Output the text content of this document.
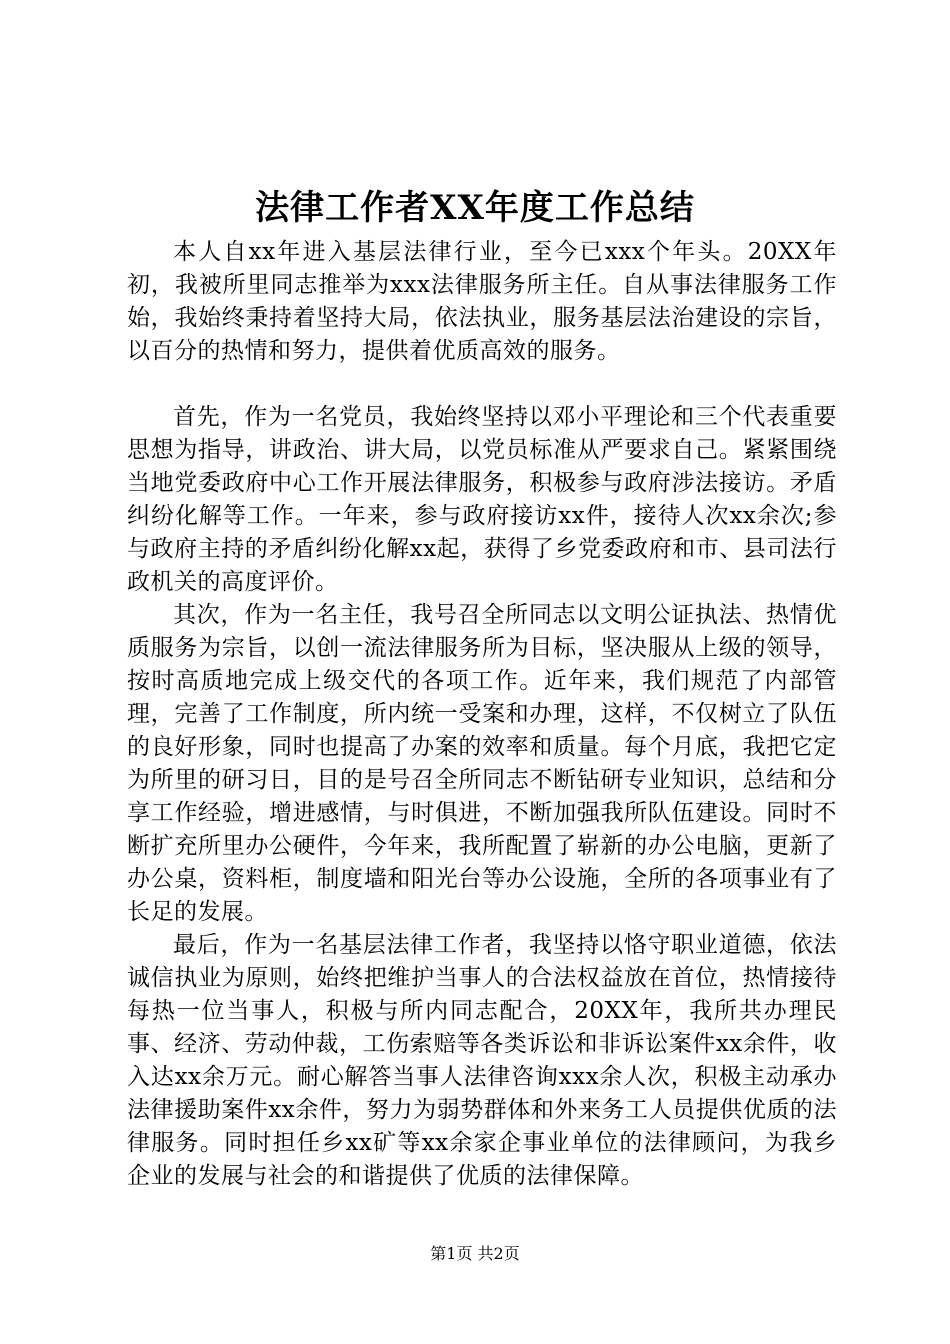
法律工作者XX年度工作总结

本人自xx年进入基层法律行业，至今已xxx个年头。20XX年初，我被所里同志推举为xxx法律服务所主任。自从事法律服务工作始，我始终秉持着坚持大局，依法执业，服务基层法治建设的宗旨，以百分的热情和努力，提供着优质高效的服务。

首先，作为一名党员，我始终坚持以邓小平理论和三个代表重要思想为指导，讲政治、讲大局，以党员标准从严要求自己。紧紧围绕当地党委政府中心工作开展法律服务，积极参与政府涉法接访。矛盾纠纷化解等工作。一年来，参与政府接访xx件，接待人次xx余次;参与政府主持的矛盾纠纷化解xx起，获得了乡党委政府和市、县司法行政机关的高度评价。

其次，作为一名主任，我号召全所同志以文明公证执法、热情优质服务为宗旨，以创一流法律服务所为目标，坚决服从上级的领导，按时高质地完成上级交代的各项工作。近年来，我们规范了内部管理，完善了工作制度，所内统一受案和办理，这样，不仅树立了队伍的良好形象，同时也提高了办案的效率和质量。每个月底，我把它定为所里的研习日，目的是号召全所同志不断钻研专业知识，总结和分享工作经验，增进感情，与时俱进，不断加强我所队伍建设。同时不断扩充所里办公硬件，今年来，我所配置了崭新的办公电脑，更新了办公桌，资料柜，制度墙和阳光台等办公设施，全所的各项事业有了长足的发展。

最后，作为一名基层法律工作者，我坚持以恪守职业道德，依法诚信执业为原则，始终把维护当事人的合法权益放在首位，热情接待每热一位当事人，积极与所内同志配合，20XX年，我所共办理民事、经济、劳动仲裁，工伤索赔等各类诉讼和非诉讼案件xx余件，收入达xx余万元。耐心解答当事人法律咨询xxx余人次，积极主动承办法律援助案件xx余件，努力为弱势群体和外来务工人员提供优质的法律服务。同时担任乡xx矿等xx余家企事业单位的法律顾问，为我乡企业的发展与社会的和谐提供了优质的法律保障。

第1页 共2页
